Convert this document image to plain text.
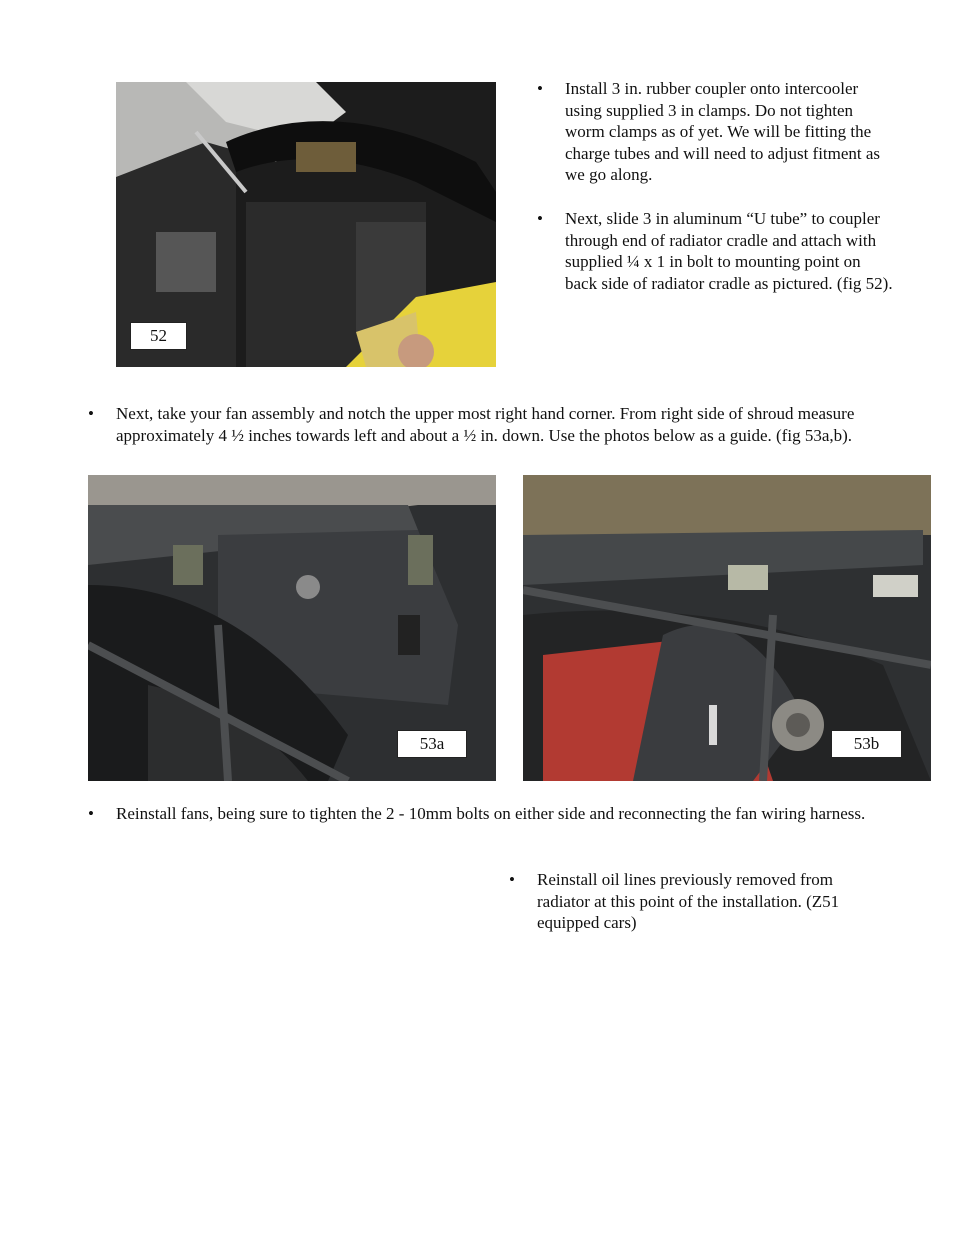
52
•	Install 3 in. rubber coupler onto intercooler using supplied 3 in clamps. Do not tighten worm clamps as of yet. We will be fitting the charge tubes and will need to adjust fitment as we go along.
•	Next, slide 3 in aluminum “U tube” to coupler through end of radiator cradle and attach with supplied ¼ x 1 in bolt to mounting point on back side of radiator cradle as pictured. (fig 52).
•	Next, take your fan assembly and notch the upper most right hand corner. From right side of shroud measure approximately 4 ½ inches towards left and about a ½ in. down. Use the photos below as a guide. (fig 53a,b).
53a	53b
•	Reinstall fans, being sure to tighten the 2 - 10mm bolts on either side and reconnecting the fan wiring harness.
•	Reinstall oil lines previously removed from radiator at this point of the installation. (Z51 equipped cars)
